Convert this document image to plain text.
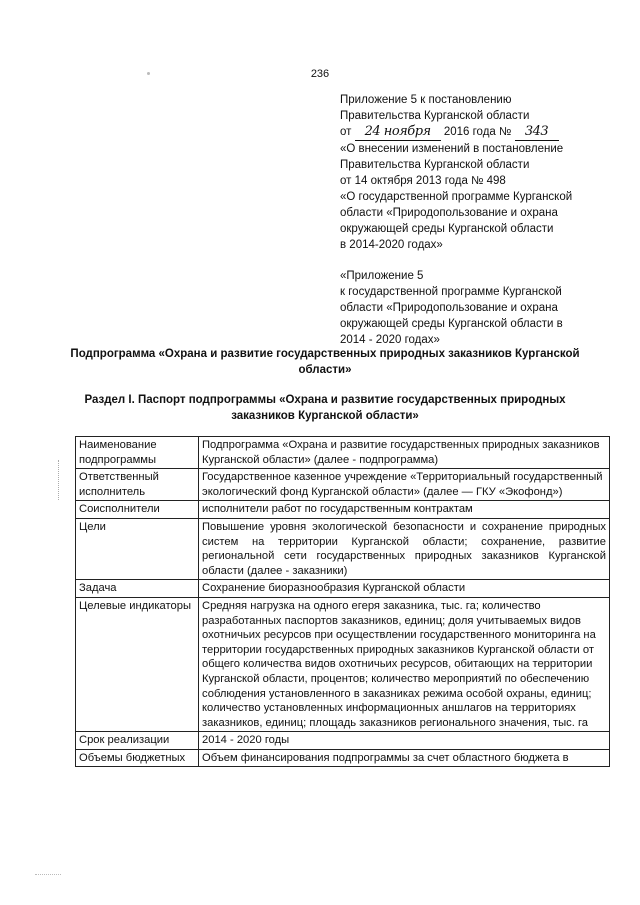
236
Приложение 5 к постановлению
Правительства Курганской области
от 24 ноября 2016 года № 343
«О внесении изменений в постановление
Правительства Курганской области
от 14 октября 2013 года № 498
«О государственной программе Курганской
области «Природопользование и охрана
окружающей среды Курганской области
в 2014-2020 годах»
«Приложение 5
к государственной программе Курганской
области «Природопользование и охрана
окружающей среды Курганской области в
2014 - 2020 годах»
Подпрограмма «Охрана и развитие государственных природных заказников Курганской области»
Раздел I. Паспорт подпрограммы «Охрана и развитие государственных природных заказников Курганской области»
Наименование подпрограммы	Подпрограмма «Охрана и развитие государственных природных заказников Курганской области» (далее - подпрограмма)
Ответственный исполнитель	Государственное казенное учреждение «Территориальный государственный экологический фонд Курганской области» (далее — ГКУ «Экофонд»)
Соисполнители	исполнители работ по государственным контрактам
Цели	Повышение уровня экологической безопасности и сохранение природных систем на территории Курганской области; сохранение, развитие региональной сети государственных природных заказников Курганской области (далее - заказники)
Задача	Сохранение биоразнообразия Курганской области
Целевые индикаторы	Средняя нагрузка на одного егеря заказника, тыс. га; количество разработанных паспортов заказников, единиц; доля учитываемых видов охотничьих ресурсов при осуществлении государственного мониторинга на территории государственных природных заказников Курганской области от общего количества видов охотничьих ресурсов, обитающих на территории Курганской области, процентов; количество мероприятий по обеспечению соблюдения установленного в заказниках режима особой охраны, единиц; количество установленных информационных аншлагов на территориях заказников, единиц; площадь заказников регионального значения, тыс. га
Срок реализации	2014 - 2020 годы
Объемы бюджетных	Объем финансирования подпрограммы за счет областного бюджета в
